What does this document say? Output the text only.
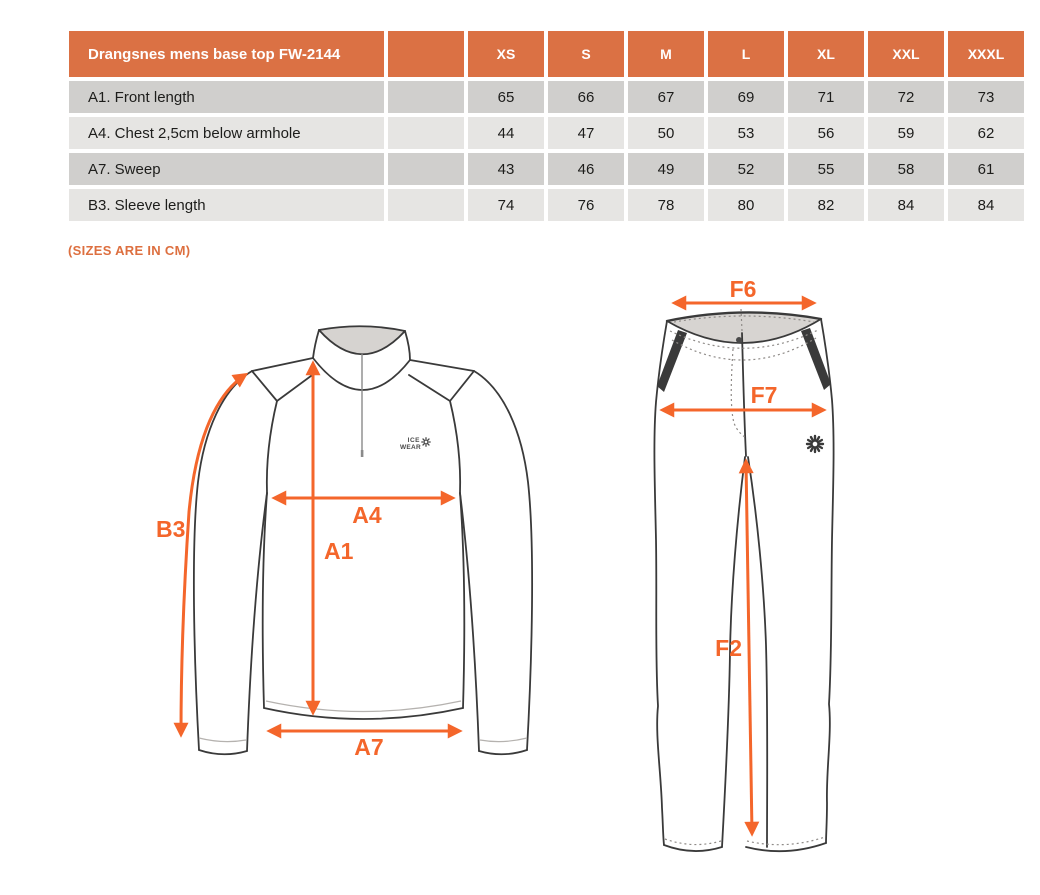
Drangsnes mens base top FW-2144		XS	S	M	L	XL	XXL	XXXL
A1. Front length		65	66	67	69	71	72	73
A4. Chest 2,5cm below armhole		44	47	50	53	56	59	62
A7. Sweep		43	46	49	52	55	58	61
B3. Sleeve length		74	76	78	80	82	84	84
(SIZES ARE IN CM)
ICE
WEAR
B3
A1
A4
A7
F6
F7
F2
